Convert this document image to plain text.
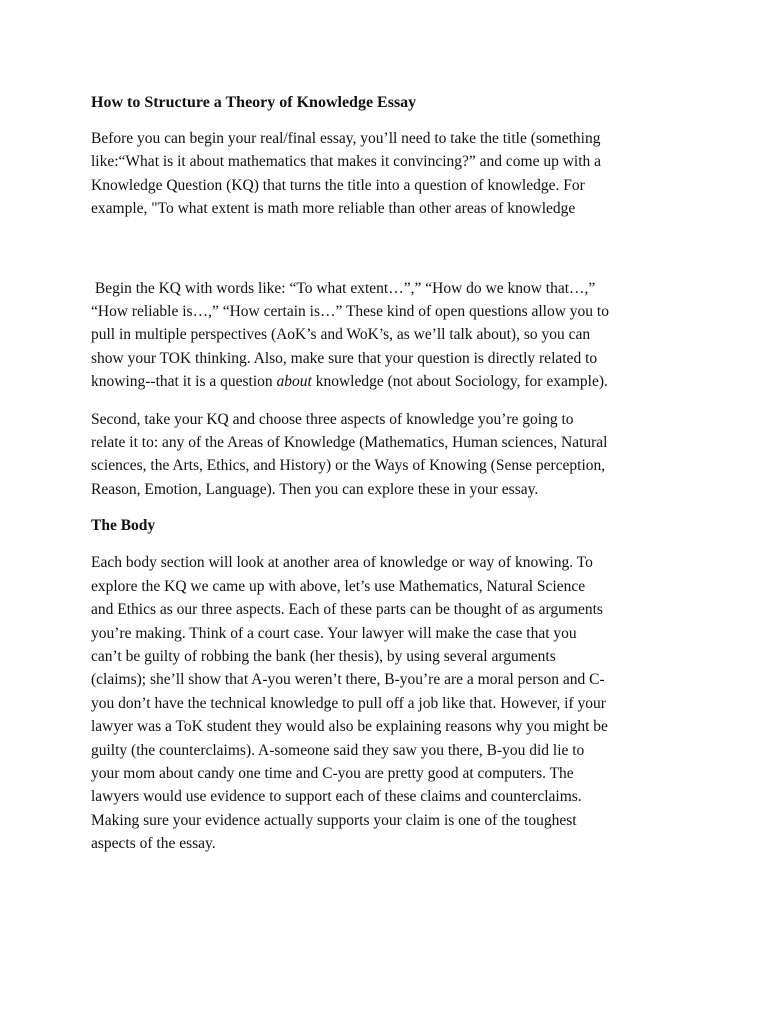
How to Structure a Theory of Knowledge Essay
Before you can begin your real/final essay, you’ll need to take the title (something
like:“What is it about mathematics that makes it convincing?” and come up with a
Knowledge Question (KQ) that turns the title into a question of knowledge. For
example, "To what extent is math more reliable than other areas of knowledge
Begin the KQ with words like: “To what extent…”,” “How do we know that…,”
“How reliable is…,” “How certain is…” These kind of open questions allow you to
pull in multiple perspectives (AoK’s and WoK’s, as we’ll talk about), so you can
show your TOK thinking. Also, make sure that your question is directly related to
knowing--that it is a question about knowledge (not about Sociology, for example).
Second, take your KQ and choose three aspects of knowledge you’re going to
relate it to: any of the Areas of Knowledge (Mathematics, Human sciences, Natural
sciences, the Arts, Ethics, and History) or the Ways of Knowing (Sense perception,
Reason, Emotion, Language). Then you can explore these in your essay.
The Body
Each body section will look at another area of knowledge or way of knowing. To
explore the KQ we came up with above, let’s use Mathematics, Natural Science
and Ethics as our three aspects. Each of these parts can be thought of as arguments
you’re making. Think of a court case. Your lawyer will make the case that you
can’t be guilty of robbing the bank (her thesis), by using several arguments
(claims); she’ll show that A-you weren’t there, B-you’re are a moral person and C-
you don’t have the technical knowledge to pull off a job like that. However, if your
lawyer was a ToK student they would also be explaining reasons why you might be
guilty (the counterclaims). A-someone said they saw you there, B-you did lie to
your mom about candy one time and C-you are pretty good at computers. The
lawyers would use evidence to support each of these claims and counterclaims.
Making sure your evidence actually supports your claim is one of the toughest
aspects of the essay.
